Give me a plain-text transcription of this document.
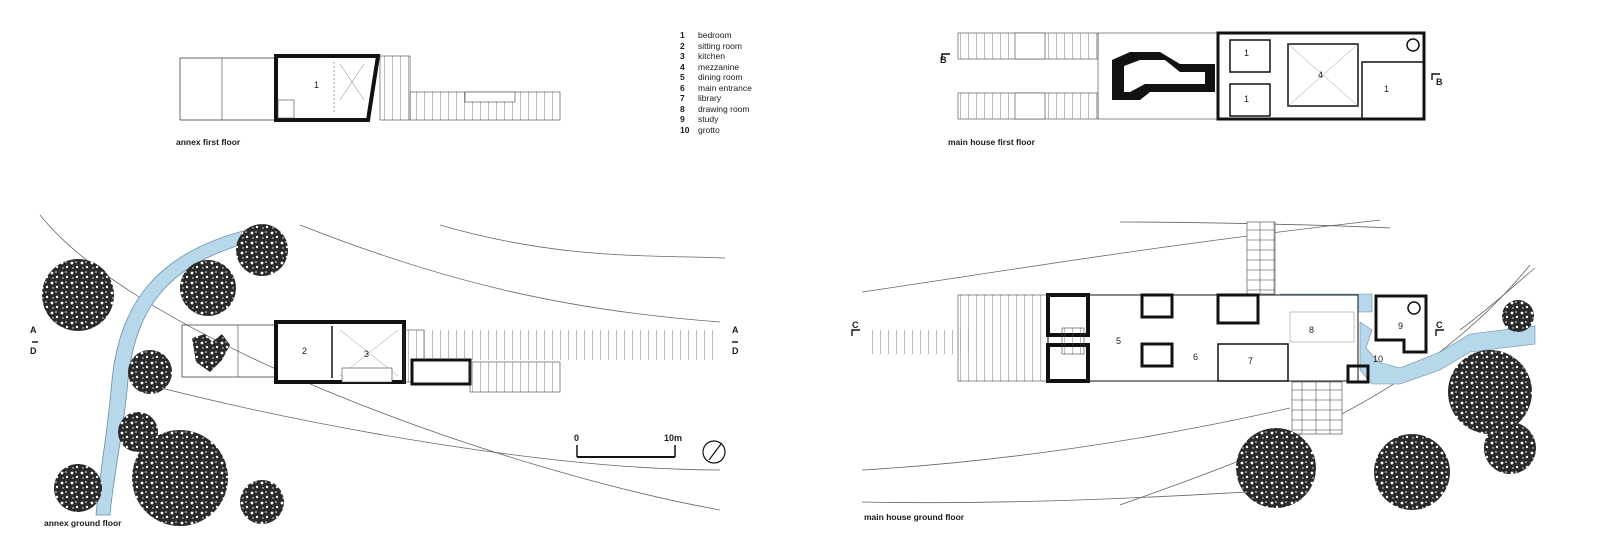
1	bedroom
2	sitting room
3	kitchen
4	mezzanine
5	dining room
6	main entrance
7	library
8	drawing room
9	study
10	grotto
annex first floor	main house first floor
annex ground floor
main house ground floor
B
B
A
D
A
D
C	C
0	10m
1
1
1
4
1
2	3
5
6	7
8	9
10
